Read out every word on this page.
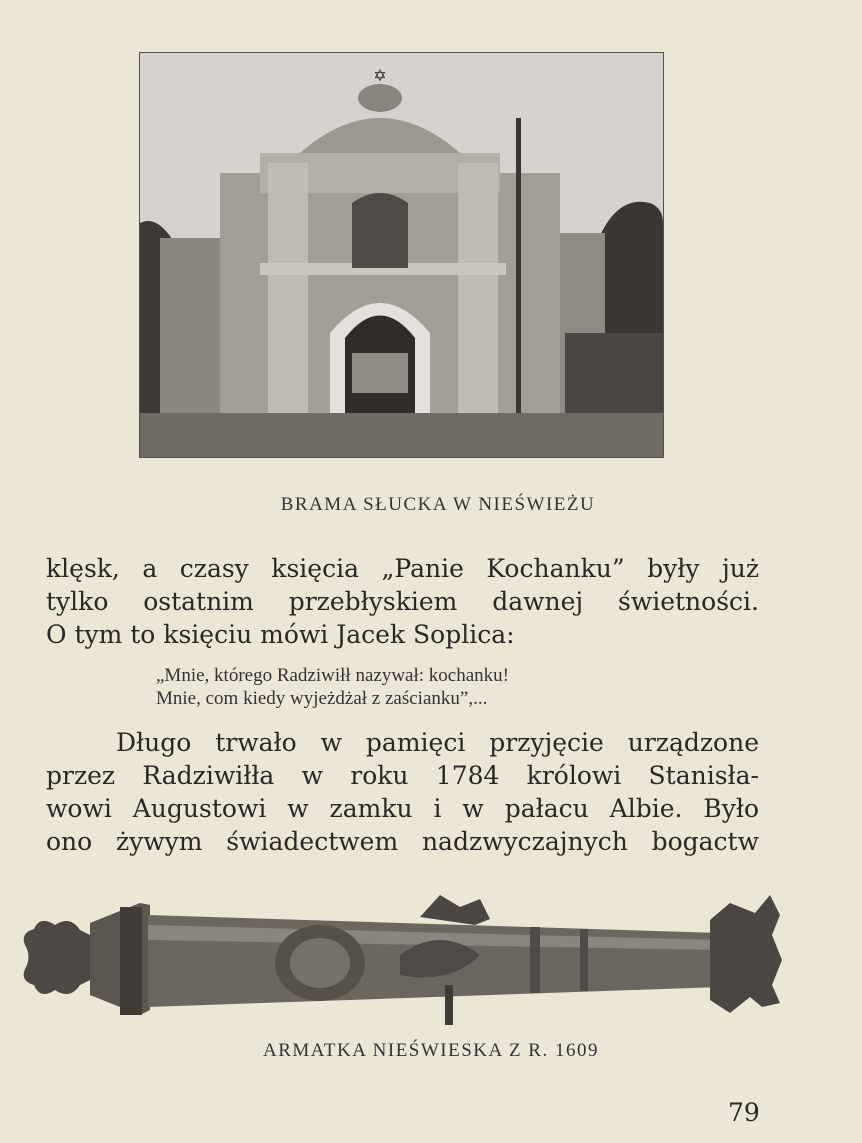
✡
BRAMA SŁUCKA W NIEŚWIEŻU
klęsk, a czasy księcia „Panie Kochanku” były już
tylko ostatnim przebłyskiem dawnej świetności.
O tym to księciu mówi Jacek Soplica:
„Mnie, którego Radziwiłł nazywał: kochanku!
Mnie, com kiedy wyjeżdżał z zaścianku”,...
Długo trwało w pamięci przyjęcie urządzone
przez Radziwiłła w roku 1784 królowi Stanisła-
wowi Augustowi w zamku i w pałacu Albie. Było
ono żywym świadectwem nadzwyczajnych bogactw
ARMATKA NIEŚWIESKA Z R. 1609
79
